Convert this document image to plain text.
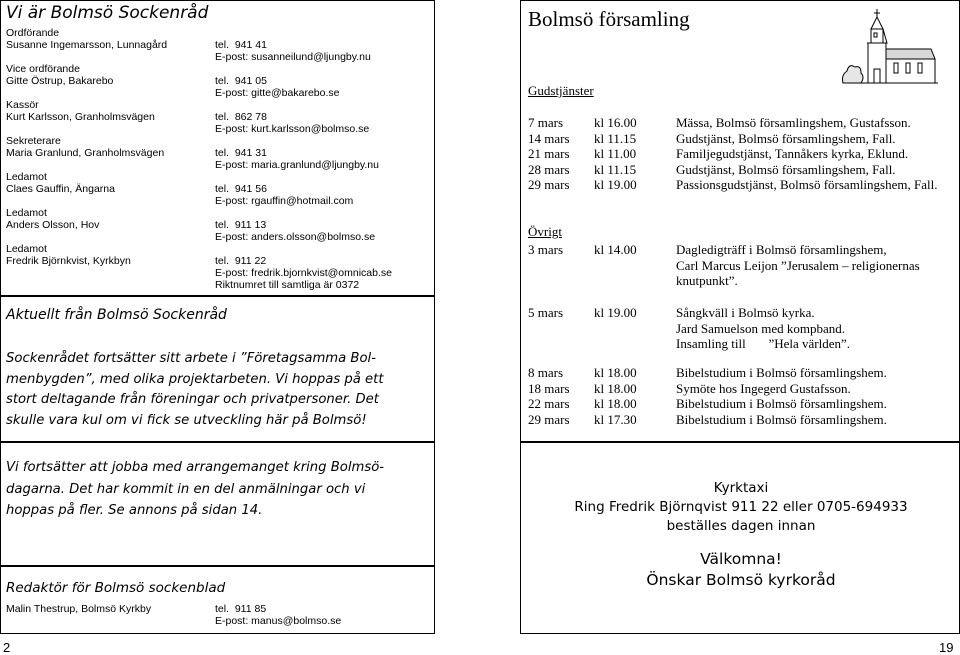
Vi är Bolmsö Sockenråd
Ordförande
Susanne Ingemarsson, Lunnagård	tel.  941 41
E-post: susanneilund@ljungby.nu
Vice ordförande
Gitte Östrup, Bakarebo	tel.  941 05
E-post: gitte@bakarebo.se
Kassör
Kurt Karlsson, Granholmsvägen	tel.  862 78
E-post: kurt.karlsson@bolmso.se
Sekreterare
Maria Granlund, Granholmsvägen	tel.  941 31
E-post: maria.granlund@ljungby.nu
Ledamot
Claes Gauffin, Ängarna	tel.  941 56
E-post: rgauffin@hotmail.com
Ledamot
Anders Olsson, Hov	tel.  911 13
E-post: anders.olsson@bolmso.se
Ledamot
Fredrik Björnkvist, Kyrkbyn	tel.  911 22
E-post: fredrik.bjornkvist@omnicab.se
Riktnumret till samtliga är 0372
Aktuellt från Bolmsö Sockenråd
Sockenrådet fortsätter sitt arbete i ”Företagsamma Bol-
menbygden”, med olika projektarbeten. Vi hoppas på ett
stort deltagande från föreningar och privatpersoner. Det
skulle vara kul om vi fick se utveckling här på Bolmsö!
Vi fortsätter att jobba med arrangemanget kring Bolmsö-
dagarna. Det har kommit in en del anmälningar och vi
hoppas på fler. Se annons på sidan 14.
Redaktör för Bolmsö sockenblad
Malin Thestrup, Bolmsö Kyrkby	tel.  911 85
E-post: manus@bolmso.se
2
Bolmsö församling
Gudstjänster
7 mars	kl 16.00	Mässa, Bolmsö församlingshem, Gustafsson.
14 mars	kl 11.15	Gudstjänst, Bolmsö församlingshem, Fall.
21 mars	kl 11.00	Familjegudstjänst, Tannåkers kyrka, Eklund.
28 mars	kl 11.15	Gudstjänst, Bolmsö församlingshem, Fall.
29 mars	kl 19.00	Passionsgudstjänst, Bolmsö församlingshem, Fall.
Övrigt
3 mars	kl 14.00	Dagledigträff i Bolmsö församlingshem,
		Carl Marcus Leijon ”Jerusalem – religionernas
		knutpunkt”.
5 mars	kl 19.00	Sångkväll i Bolmsö kyrka.
		Jard Samuelson med kompband.
		Insamling till       ”Hela världen”.
8 mars	kl 18.00	Bibelstudium i Bolmsö församlingshem.
18 mars	kl 18.00	Symöte hos Ingegerd Gustafsson.
22 mars	kl 18.00	Bibelstudium i Bolmsö församlingshem.
29 mars	kl 17.30	Bibelstudium i Bolmsö församlingshem.
Kyrktaxi
Ring Fredrik Björnqvist 911 22 eller 0705-694933
beställes dagen innan
Välkomna!
Önskar Bolmsö kyrkoråd
19
